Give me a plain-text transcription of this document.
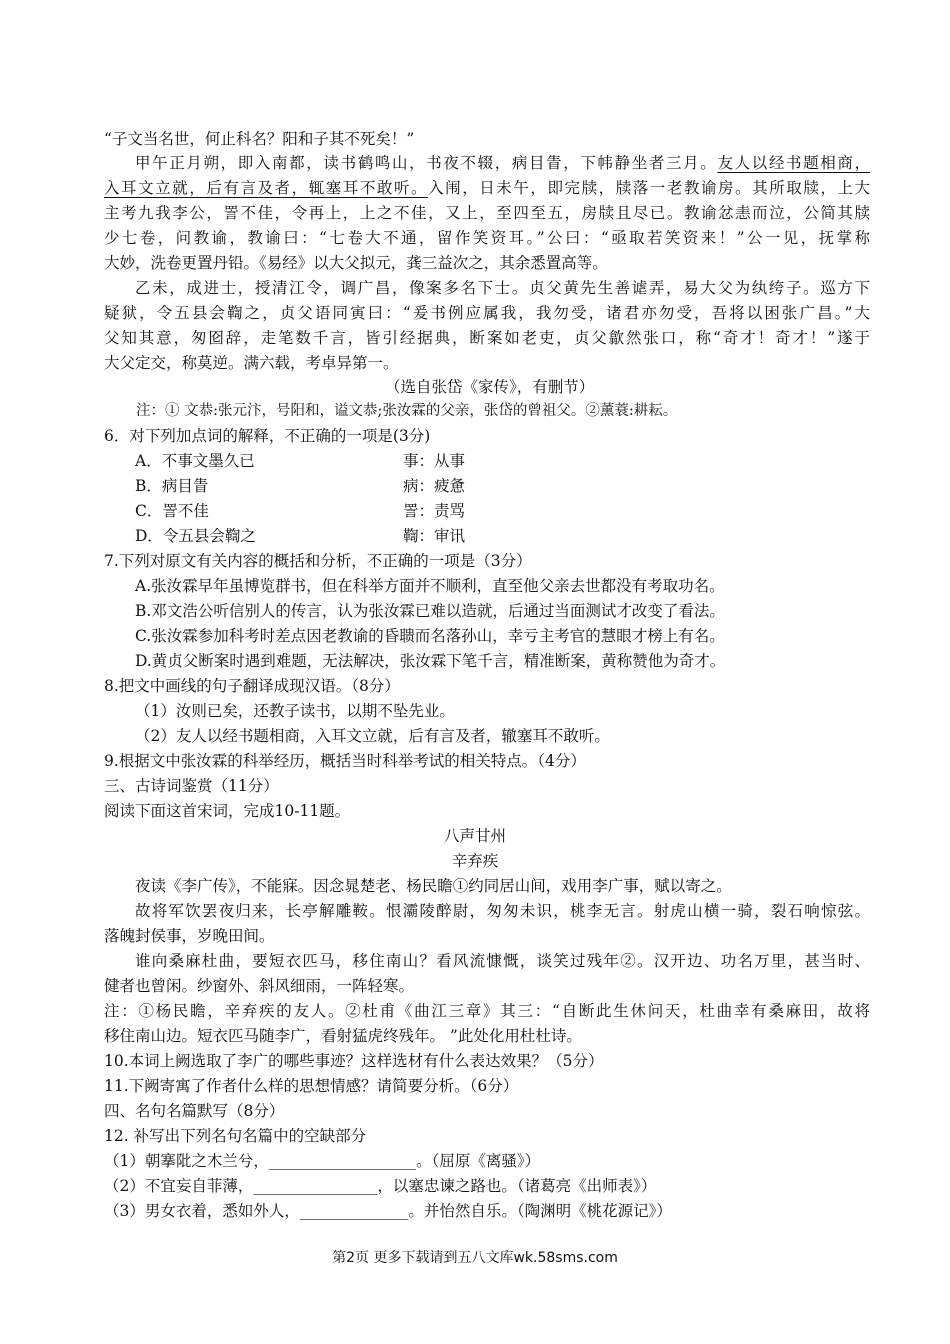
“子文当名世，何止科名？阳和子其不死矣！”
甲午正月朔，即入南都，读书鹤鸣山，书夜不辍，病目眚，下帏静坐者三月。友人以经书题相商，
入耳文立就，后有言及者，辄塞耳不敢听。入闱，日未午，即完牍，牍落一老教谕房。其所取牍，上大
主考九我李公，詈不佳，令再上，上之不佳，又上，至四至五，房牍且尽已。教谕忿恚而泣，公简其牍
少七卷，问教谕，教谕曰：“七卷大不通，留作笑资耳。”公曰：“亟取若笑资来！”公一见，抚掌称
大妙，洗卷更置丹铅。《易经》以大父拟元，龚三益次之，其余悉置高等。
乙未，成进士，授清江令，调广昌，像案多名下士。贞父黄先生善谑弄，易大父为纨绔子。巡方下
疑狱，令五县会鞫之，贞父语同寅曰：“爰书例应属我，我勿受，诸君亦勿受，吾将以困张广昌。”大
父知其意，匆囵辞，走笔数千言，皆引经据典，断案如老吏，贞父歙然张口，称“奇才！奇才！”遂于
大父定交，称莫逆。满六载，考卓异第一。
（选自张岱《家传》，有删节）
注：① 文恭:张元汴，号阳和，谥文恭;张汝霖的父亲，张岱的曾祖父。②薰蓑:耕耘。
6．对下列加点词的解释，不正确的一项是(3分)
A．不事文墨久已	事：从事
B．病目眚	病：疲惫
C．詈不佳	詈：责骂
D．令五县会鞫之	鞫：审讯
7.下列对原文有关内容的概括和分析，不正确的一项是（3分）
A.张汝霖早年虽博览群书，但在科举方面并不顺利，直至他父亲去世都没有考取功名。
B.邓文浩公听信别人的传言，认为张汝霖已难以造就，后通过当面测试才改变了看法。
C.张汝霖参加科考时差点因老教谕的昏聩而名落孙山，幸亏主考官的慧眼才榜上有名。
D.黄贞父断案时遇到难题，无法解决，张汝霖下笔千言，精准断案，黄称赞他为奇才。
8.把文中画线的句子翻译成现汉语。（8分）
（1）汝则已矣，还教子读书，以期不坠先业。
（2）友人以经书题相商，入耳文立就，后有言及者，辙塞耳不敢听。
9.根据文中张汝霖的科举经历，概括当时科举考试的相关特点。（4分）
三、古诗词鉴赏（11分）
阅读下面这首宋词，完成10-11题。
八声甘州
辛弃疾
夜读《李广传》，不能寐。因念晁楚老、杨民瞻①约同居山间，戏用李广事，赋以寄之。
故将军饮罢夜归来，长亭解雕鞍。恨灞陵醉尉，匆匆未识，桃李无言。射虎山横一骑，裂石响惊弦。
落魄封侯事，岁晚田间。
谁向桑麻杜曲，要短衣匹马，移住南山？看风流慷慨，谈笑过残年②。汉开边、功名万里，甚当时、
健者也曾闲。纱窗外、斜风细雨，一阵轻寒。
注：①杨民瞻，辛弃疾的友人。②杜甫《曲江三章》其三：“自断此生休问天，杜曲幸有桑麻田，故将
移住南山边。短衣匹马随李广，看射猛虎终残年。 ”此处化用杜杜诗。
10.本词上阙选取了李广的哪些事迹？这样选材有什么表达效果？（5分）
11.下阙寄寓了作者什么样的思想情感？请简要分析。（6分）
四、名句名篇默写（8分）
12. 补写出下列名句名篇中的空缺部分
（1）朝搴阰之木兰兮，___________________。（屈原《离骚》）
（2）不宜妄自菲薄，________________，以塞忠谏之路也。（诸葛亮《出师表》）
（3）男女衣着，悉如外人，______________。并怡然自乐。（陶渊明《桃花源记》）
第2页 更多下载请到五八文库wk.58sms.com
